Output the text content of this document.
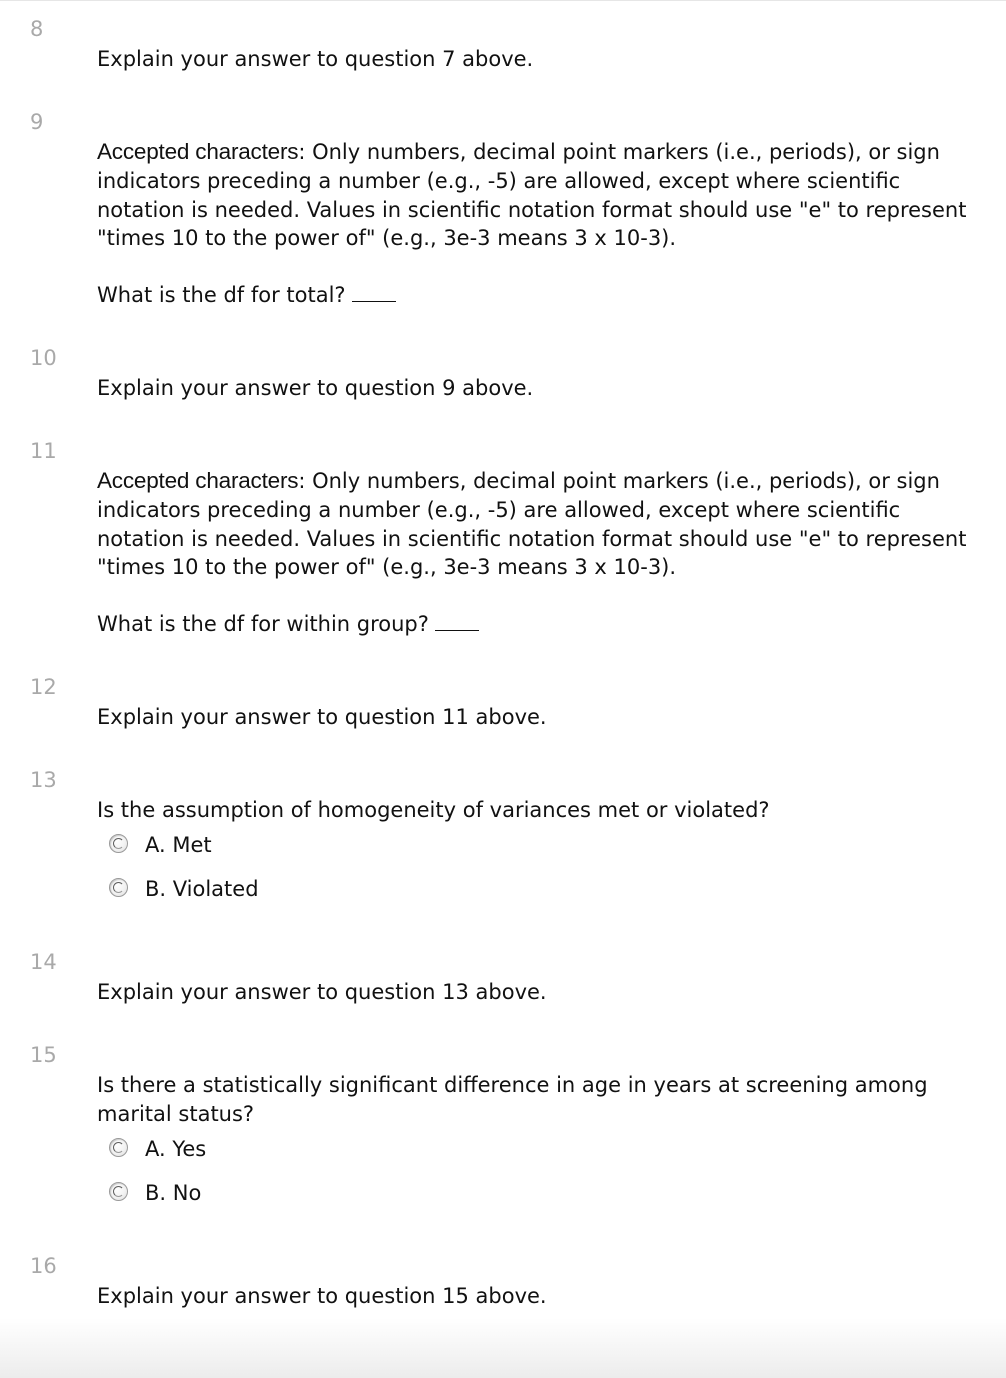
8

Explain your answer to question 7 above.

9

Accepted characters: Only numbers, decimal point markers (i.e., periods), or sign indicators preceding a number (e.g., -5) are allowed, except where scientific notation is needed. Values in scientific notation format should use "e" to represent "times 10 to the power of" (e.g., 3e-3 means 3 x 10-3).

What is the df for total?

10

Explain your answer to question 9 above.

11

Accepted characters: Only numbers, decimal point markers (i.e., periods), or sign indicators preceding a number (e.g., -5) are allowed, except where scientific notation is needed. Values in scientific notation format should use "e" to represent "times 10 to the power of" (e.g., 3e-3 means 3 x 10-3).

What is the df for within group?

12

Explain your answer to question 11 above.

13

Is the assumption of homogeneity of variances met or violated?

A. Met
B. Violated
14

Explain your answer to question 13 above.

15

Is there a statistically significant difference in age in years at screening among marital status?

A. Yes
B. No
16

Explain your answer to question 15 above.
